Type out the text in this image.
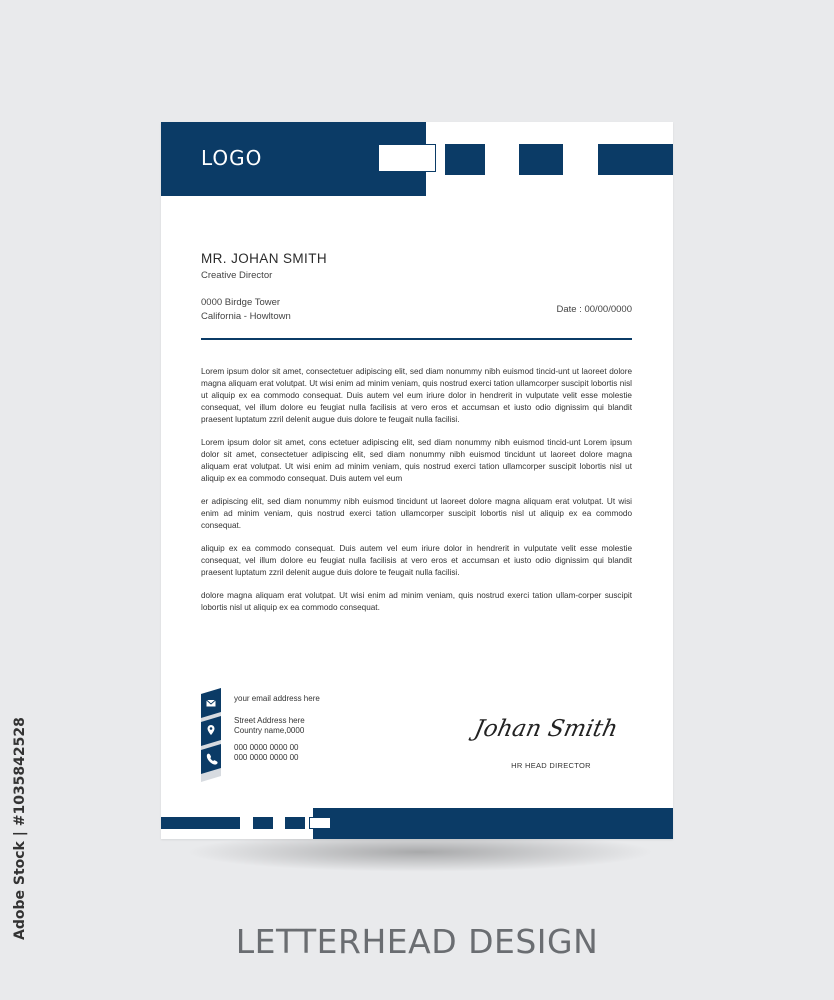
LOGO
MR. JOHAN SMITH
Creative Director
0000 Birdge Tower
California - Howltown
Date : 00/00/0000

Lorem ipsum dolor sit amet, consectetuer adipiscing elit, sed diam nonummy nibh euismod tincid-unt ut laoreet dolore magna aliquam erat volutpat. Ut wisi enim ad minim veniam, quis nostrud exerci tation ullamcorper suscipit lobortis nisl ut aliquip ex ea commodo consequat. Duis autem vel eum iriure dolor in hendrerit in vulputate velit esse molestie consequat, vel illum dolore eu feugiat nulla facilisis at vero eros et accumsan et iusto odio dignissim qui blandit praesent luptatum zzril delenit augue duis dolore te feugait nulla facilisi.

Lorem ipsum dolor sit amet, cons ectetuer adipiscing elit, sed diam nonummy nibh euismod tincid-unt Lorem ipsum dolor sit amet, consectetuer adipiscing elit, sed diam nonummy nibh euismod tincidunt ut laoreet dolore magna aliquam erat volutpat. Ut wisi enim ad minim veniam, quis nostrud exerci tation ullamcorper suscipit lobortis nisl ut aliquip ex ea commodo consequat. Duis autem vel eum

er adipiscing elit, sed diam nonummy nibh euismod tincidunt ut laoreet dolore magna aliquam erat volutpat. Ut wisi enim ad minim veniam, quis nostrud exerci tation ullamcorper suscipit lobortis nisl ut aliquip ex ea commodo consequat.

aliquip ex ea commodo consequat. Duis autem vel eum iriure dolor in hendrerit in vulputate velit esse molestie consequat, vel illum dolore eu feugiat nulla facilisis at vero eros et accumsan et iusto odio dignissim qui blandit praesent luptatum zzril delenit augue duis dolore te feugait nulla facilisi.

dolore magna aliquam erat volutpat. Ut wisi enim ad minim veniam, quis nostrud exerci tation ullam-corper suscipit lobortis nisl ut aliquip ex ea commodo consequat.

your email address here
Street Address here
Country name,0000
000 0000 0000 00
000 0000 0000 00
Johan Smith
HR HEAD DIRECTOR
LETTERHEAD DESIGN
Adobe Stock | #1035842528
